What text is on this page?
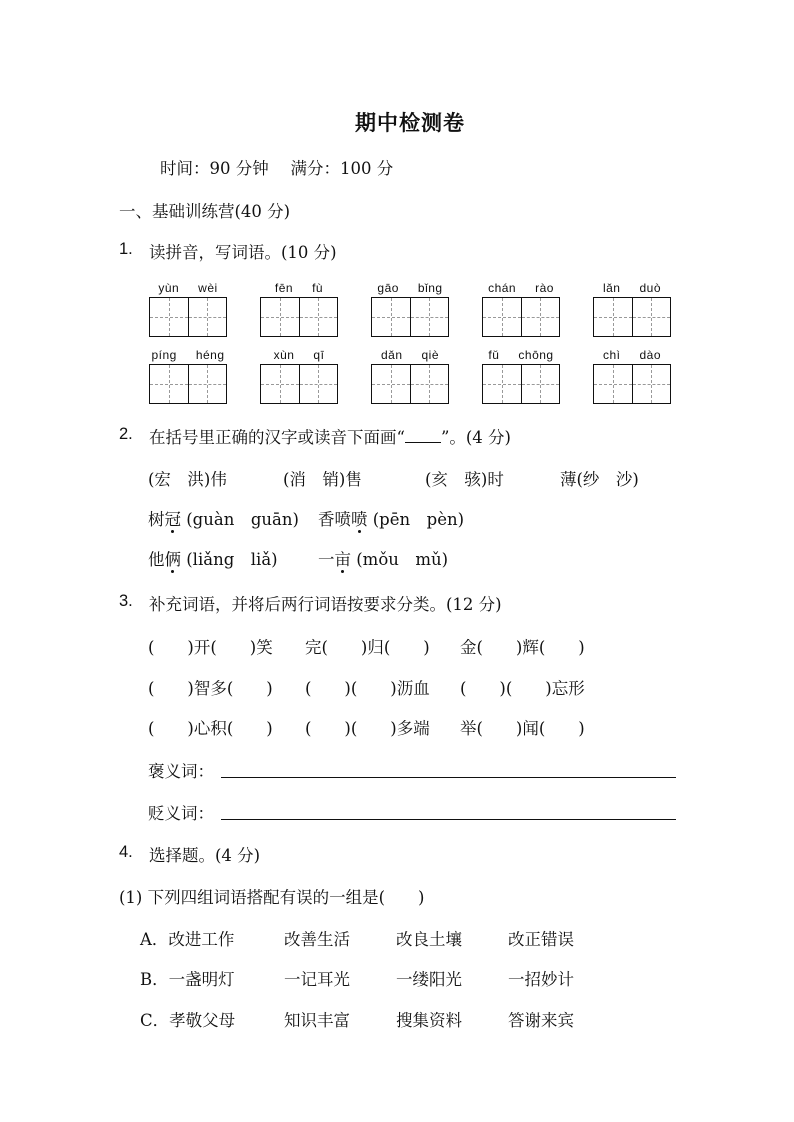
期中检测卷
时间：90 分钟　 满分：100 分
一、基础训练营(40 分)
1. 读拼音，写词语。(10 分)
yùn   wèi	fēn   fù	gāo   bǐng	chán   rào	lǎn   duò
píng   héng	xùn   qī	dǎn   qiè	fǔ   chōng	chì   dào
2. 在括号里正确的汉字或读音下面画“ ”。(4 分)
(宏　洪)伟	(消　销)售	(亥　骇)时	薄(纱　沙)
树冠 (guàn　guān) 香喷喷 (pēn　pèn)
他俩 (liǎng　liǎ) 一亩 (mǒu　mǔ)
3. 补充词语，并将后两行词语按要求分类。(12 分)
(　　)开(　　)笑 完(　　)归(　　) 金(　　)辉(　　)
(　　)智多(　　) (　　)(　　)沥血 (　　)(　　)忘形
(　　)心积(　　) (　　)(　　)多端 举(　　)闻(　　)
褒义词：
贬义词：
4. 选择题。(4 分)
(1) 下列四组词语搭配有误的一组是(　　)
A．改进工作	改善生活	改良土壤	改正错误
B．一盏明灯	一记耳光	一缕阳光	一招妙计
C．孝敬父母	知识丰富	搜集资料	答谢来宾
